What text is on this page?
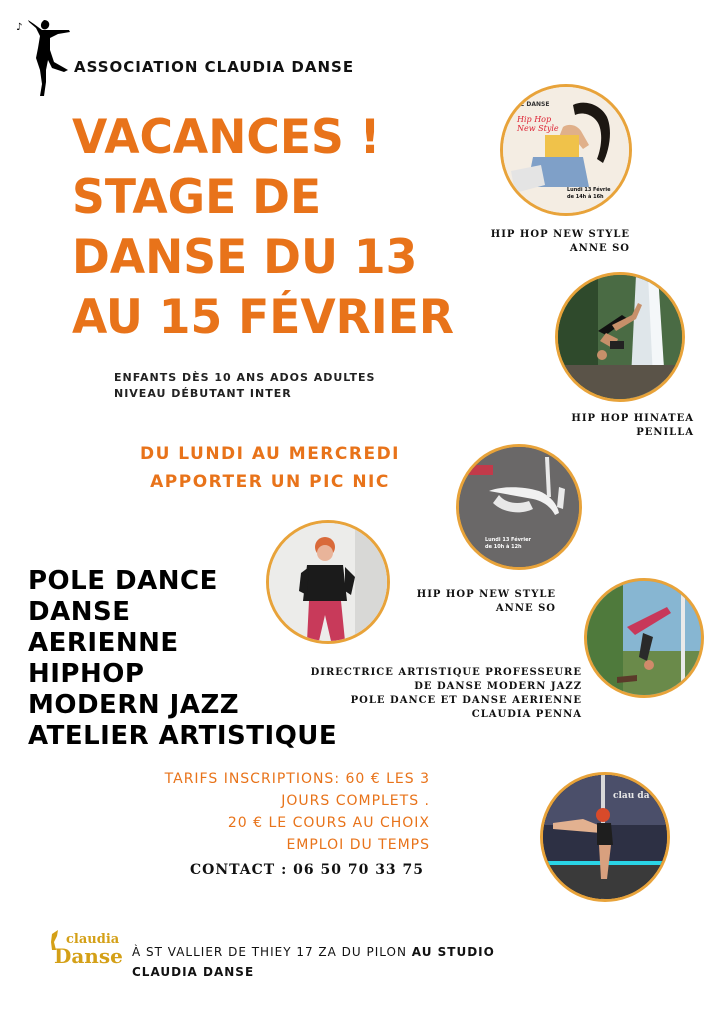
♪
ASSOCIATION CLAUDIA DANSE
VACANCES !
STAGE DE
DANSE DU 13
AU 15 FÉVRIER
ENFANTS DÈS 10 ANS ADOS ADULTES
NIVEAU DÉBUTANT INTER
DU LUNDI AU MERCREDI
APPORTER UN PIC NIC
POLE DANCE
DANSE
AERIENNE
HIPHOP
MODERN JAZZ
ATELIER ARTISTIQUE
TARIFS INSCRIPTIONS: 60 € LES 3
JOURS COMPLETS .
20 € LE COURS AU CHOIX
EMPLOI DU TEMPS
CONTACT : 06 50 70 33 75
claudia
Danse À ST VALLIER DE THIEY 17 ZA DU PILON AU STUDIO
CLAUDIA DANSE
E DE DANSE
Hip Hop
New Style
Lundi 13 Févrie
de 14h à 16h
HIP HOP NEW STYLE
ANNE SO
HIP HOP HINATEA
PENILLA
Lundi 13 Février
de 10h à 12h
HIP HOP NEW STYLE
ANNE SO
DIRECTRICE ARTISTIQUE PROFESSEURE
DE DANSE MODERN JAZZ
POLE DANCE ET DANSE AERIENNE
CLAUDIA PENNA
clau da
